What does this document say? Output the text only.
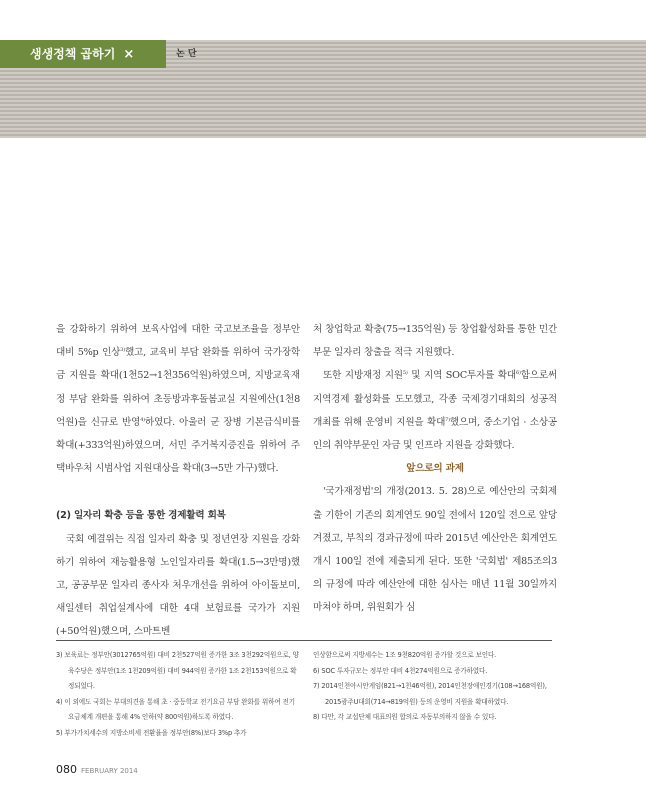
생생정책 곱하기 ×	논 단

을 강화하기 위하여 보육사업에 대한 국고보조율을 정부안 대비 5%p 인상$^{3)}$했고, 교육비 부담 완화를 위하여 국가장학금 지원을 확대(1천52→1천356억원)하였으며, 지방교육재정 부담 완화를 위하여 초등방과후돌봄교실 지원예산(1천8억원)을 신규로 반영$^{4)}$하였다. 아울러 군 장병 기본급식비를 확대(+333억원)하였으며, 서민 주거복지증진을 위하여 주택바우처 시범사업 지원대상을 확대(3→5만 가구)했다.

(2) 일자리 확충 등을 통한 경제활력 회복

국회 예결위는 직접 일자리 확충 및 정년연장 지원을 강화하기 위하여 재능활용형 노인일자리를 확대(1.5→3만명)했고, 공공부문 일자리 종사자 처우개선을 위하여 아이돌보미, 새일센터 취업설계사에 대한 4대 보험료를 국가가 지원(+50억원)했으며, 스마트벤

처 창업학교 확충(75→135억원) 등 창업활성화를 통한 민간부문 일자리 창출을 적극 지원했다.

또한 지방재정 지원$^{5)}$ 및 지역 SOC투자를 확대$^{6)}$함으로써 지역경제 활성화를 도모했고, 각종 국제경기대회의 성공적 개최를 위해 운영비 지원을 확대$^{7)}$했으며, 중소기업 · 소상공인의 취약부문인 자금 및 인프라 지원을 강화했다.

앞으로의 과제

'국가재정법'의 개정(2013. 5. 28)으로 예산안의 국회제출 기한이 기존의 회계연도 90일 전에서 120일 전으로 앞당겨졌고, 부칙의 경과규정에 따라 2015년 예산안은 회계연도 개시 100일 전에 제출되게 된다. 또한 '국회법' 제85조의3의 규정에 따라 예산안에 대한 심사는 매년 11월 30일까지 마쳐야 하며, 위원회가 심

3) 보육료는 정부안(3012765억원) 대비 2천527억원 증가한 3조 3천292억원으로, 양육수당은 정부안(1조 1천209억원) 대비 944억원 증가한 1조 2천153억원으로 확정되었다.

4) 이 외에도 국회는 부대의견을 통해 초 · 중등학교 전기요금 부담 완화를 위하여 전기요금체계 개편을 통해 4% 인하(약 800억원)하도록 하였다.

5) 부가가치세수의 지방소비세 전환율을 정부안(8%)보다 3%p 추가

인상함으로써 지방세수는 1조 9천820억원 증가할 것으로 보인다.

6) SOC 투자규모는 정부안 대비 4천274억원으로 증가하였다.

7) 2014인천아시안게임(821→1천46억원), 2014인천장애인경기(108→168억원), 2015광주U대회(714→819억원) 등의 운영비 지원을 확대하였다.

8) 다만, 각 교섭단체 대표의원 합의로 자동부의하지 않을 수 있다.

080 FEBRUARY 2014
